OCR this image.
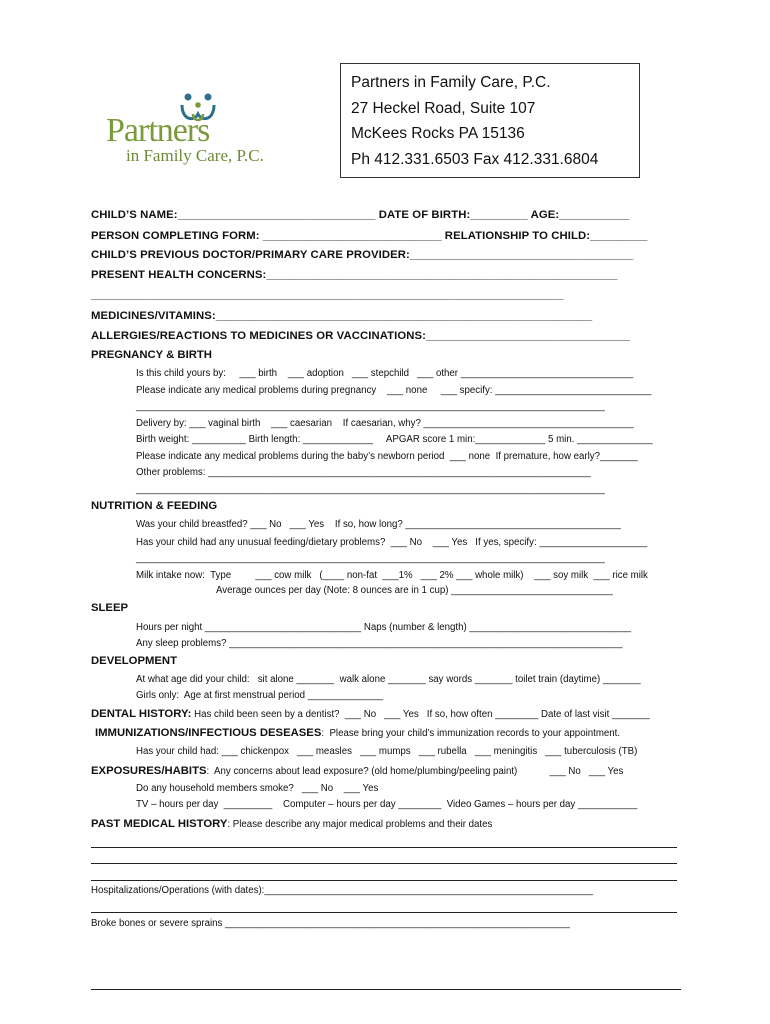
Partners
in Family Care, P.C.
Partners in Family Care, P.C.
27 Heckel Road, Suite 107
McKees Rocks PA 15136
Ph 412.331.6503 Fax 412.331.6804
CHILD’S NAME:_______________________________ DATE OF BIRTH:_________ AGE:___________
PERSON COMPLETING FORM: ____________________________ RELATIONSHIP TO CHILD:_________
CHILD’S PREVIOUS DOCTOR/PRIMARY CARE PROVIDER:___________________________________
PRESENT HEALTH CONCERNS:_______________________________________________________
__________________________________________________________________________
MEDICINES/VITAMINS:___________________________________________________________
ALLERGIES/REACTIONS TO MEDICINES OR VACCINATIONS:________________________________
PREGNANCY & BIRTH
Is this child yours by:     ___ birth    ___ adoption   ___ stepchild   ___ other ________________________________
Please indicate any medical problems during pregnancy    ___ none     ___ specify: _____________________________
_______________________________________________________________________________________
Delivery by: ___ vaginal birth    ___ caesarian    If caesarian, why? _______________________________________
Birth weight: __________ Birth length: _____________     APGAR score 1 min:_____________ 5 min. ______________
Please indicate any medical problems during the baby’s newborn period  ___ none  If premature, how early?_______
Other problems: _______________________________________________________________________
_______________________________________________________________________________________
NUTRITION & FEEDING
Was your child breastfed? ___ No   ___ Yes    If so, how long? ________________________________________
Has your child had any unusual feeding/dietary problems?  ___ No    ___ Yes   If yes, specify: ____________________
_______________________________________________________________________________________
Milk intake now:  Type         ___ cow milk   (____ non-fat  ___1%   ___ 2% ___ whole milk)    ___ soy milk  ___ rice milk
Average ounces per day (Note: 8 ounces are in 1 cup) ______________________________
SLEEP
Hours per night _____________________________ Naps (number & length) ______________________________
Any sleep problems? _________________________________________________________________________
DEVELOPMENT
At what age did your child:   sit alone _______  walk alone _______ say words _______ toilet train (daytime) _______
Girls only:  Age at first menstrual period ______________
DENTAL HISTORY: Has child been seen by a dentist?  ___ No   ___ Yes   If so, how often ________ Date of last visit _______
IMMUNIZATIONS/INFECTIOUS DESEASES:  Please bring your child’s immunization records to your appointment.
Has your child had: ___ chickenpox   ___ measles   ___ mumps   ___ rubella   ___ meningitis   ___ tuberculosis (TB)
EXPOSURES/HABITS:  Any concerns about lead exposure? (old home/plumbing/peeling paint)            ___ No   ___ Yes
Do any household members smoke?   ___ No    ___ Yes
TV – hours per day  _________    Computer – hours per day ________  Video Games – hours per day ___________
PAST MEDICAL HISTORY: Please describe any major medical problems and their dates
Hospitalizations/Operations (with dates):_____________________________________________________________
Broke bones or severe sprains ________________________________________________________________
